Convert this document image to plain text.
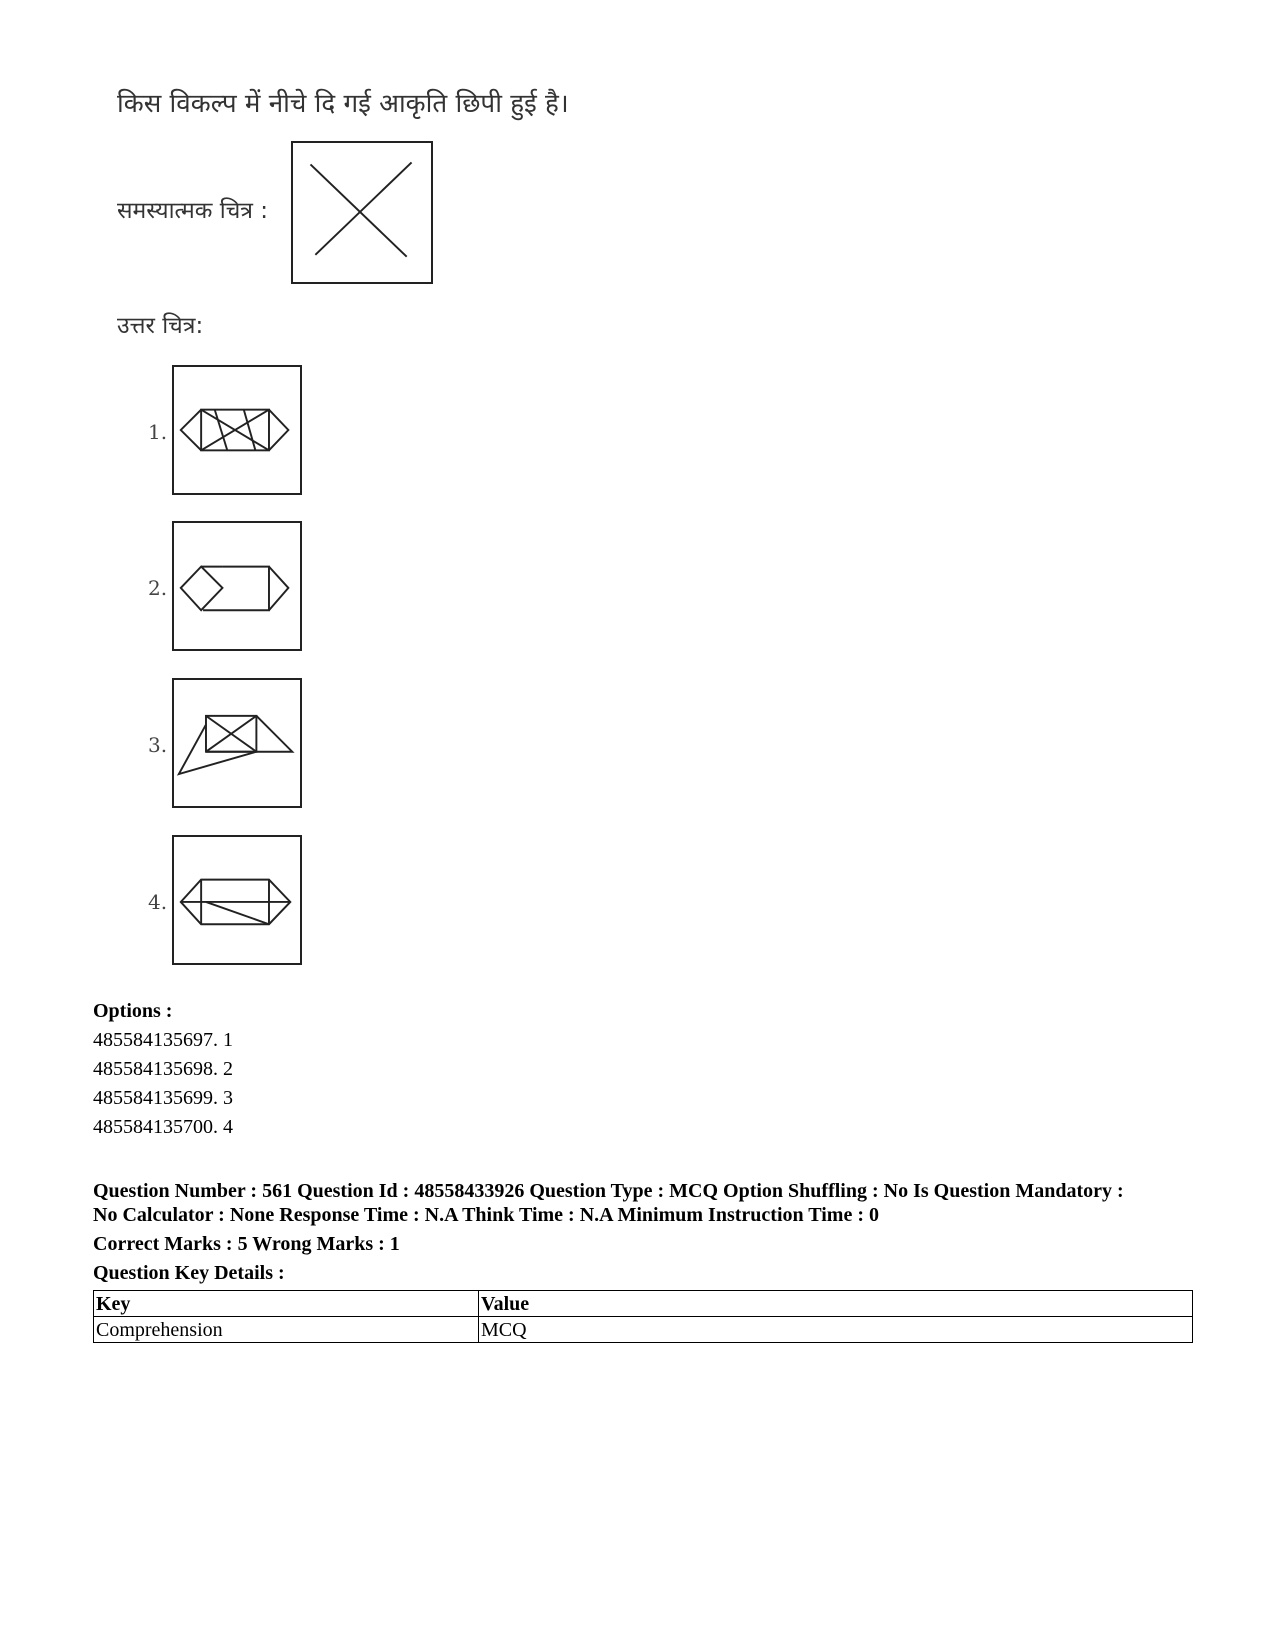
किस विकल्प में नीचे दि गई आकृति छिपी हुई है।
समस्यात्मक चित्र :
उत्तर चित्र:
1.
2.
3.
4.
Options :
485584135697. 1
485584135698. 2
485584135699. 3
485584135700. 4
Question Number : 561 Question Id : 48558433926 Question Type : MCQ Option Shuffling : No Is Question Mandatory :
No Calculator : None Response Time : N.A Think Time : N.A Minimum Instruction Time : 0
Correct Marks : 5 Wrong Marks : 1
Question Key Details :
Key	Value
Comprehension	MCQ
